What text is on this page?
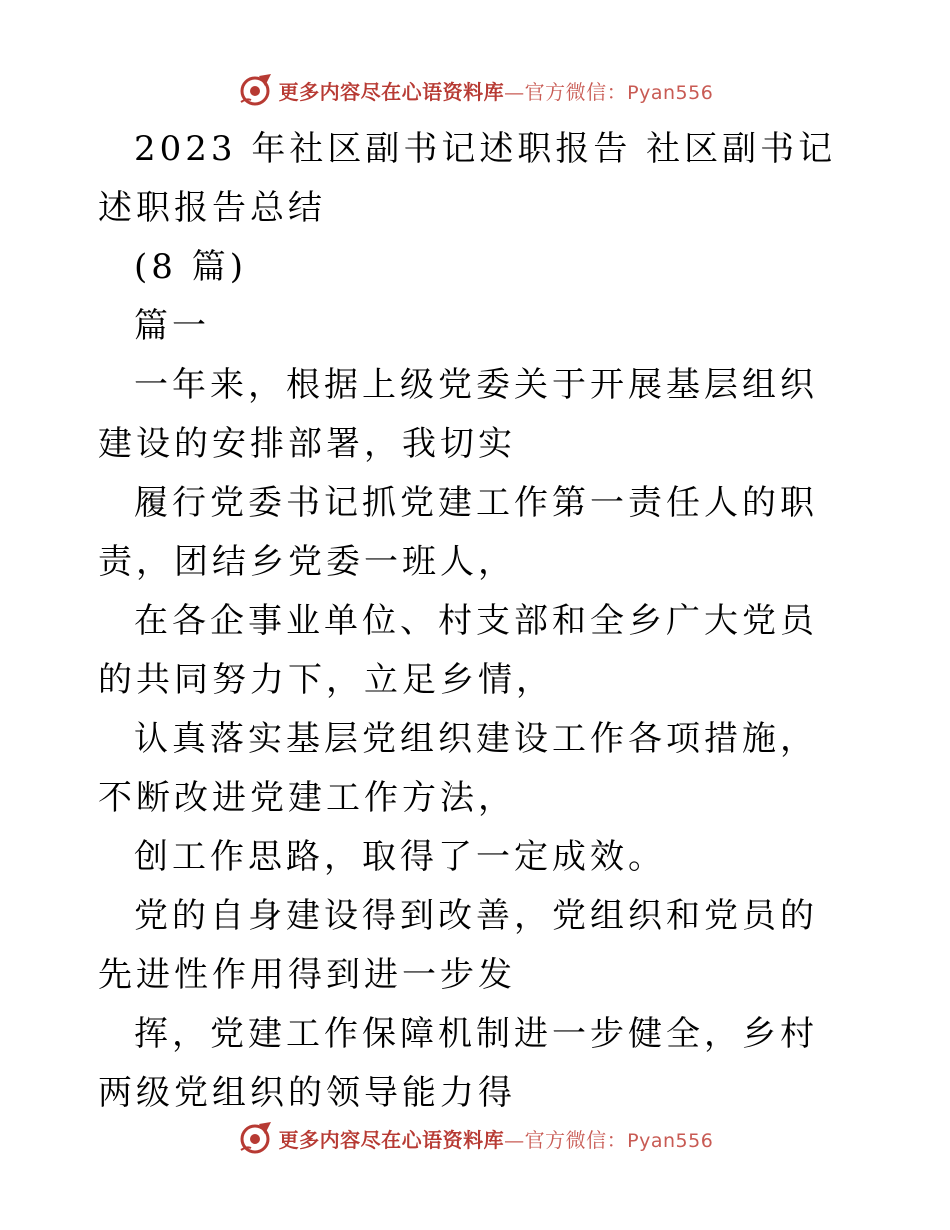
更多内容尽在心语资料库—官方微信：Pyan556

2023 年社区副书记述职报告 社区副书记述职报告总结

(8 篇)

篇一

一年来，根据上级党委关于开展基层组织建设的安排部署，我切实

履行党委书记抓党建工作第一责任人的职责，团结乡党委一班人，

在各企事业单位、村支部和全乡广大党员的共同努力下，立足乡情，

认真落实基层党组织建设工作各项措施，不断改进党建工作方法，

创工作思路，取得了一定成效。

党的自身建设得到改善，党组织和党员的先进性作用得到进一步发

挥，党建工作保障机制进一步健全，乡村两级党组织的领导能力得

更多内容尽在心语资料库—官方微信：Pyan556
